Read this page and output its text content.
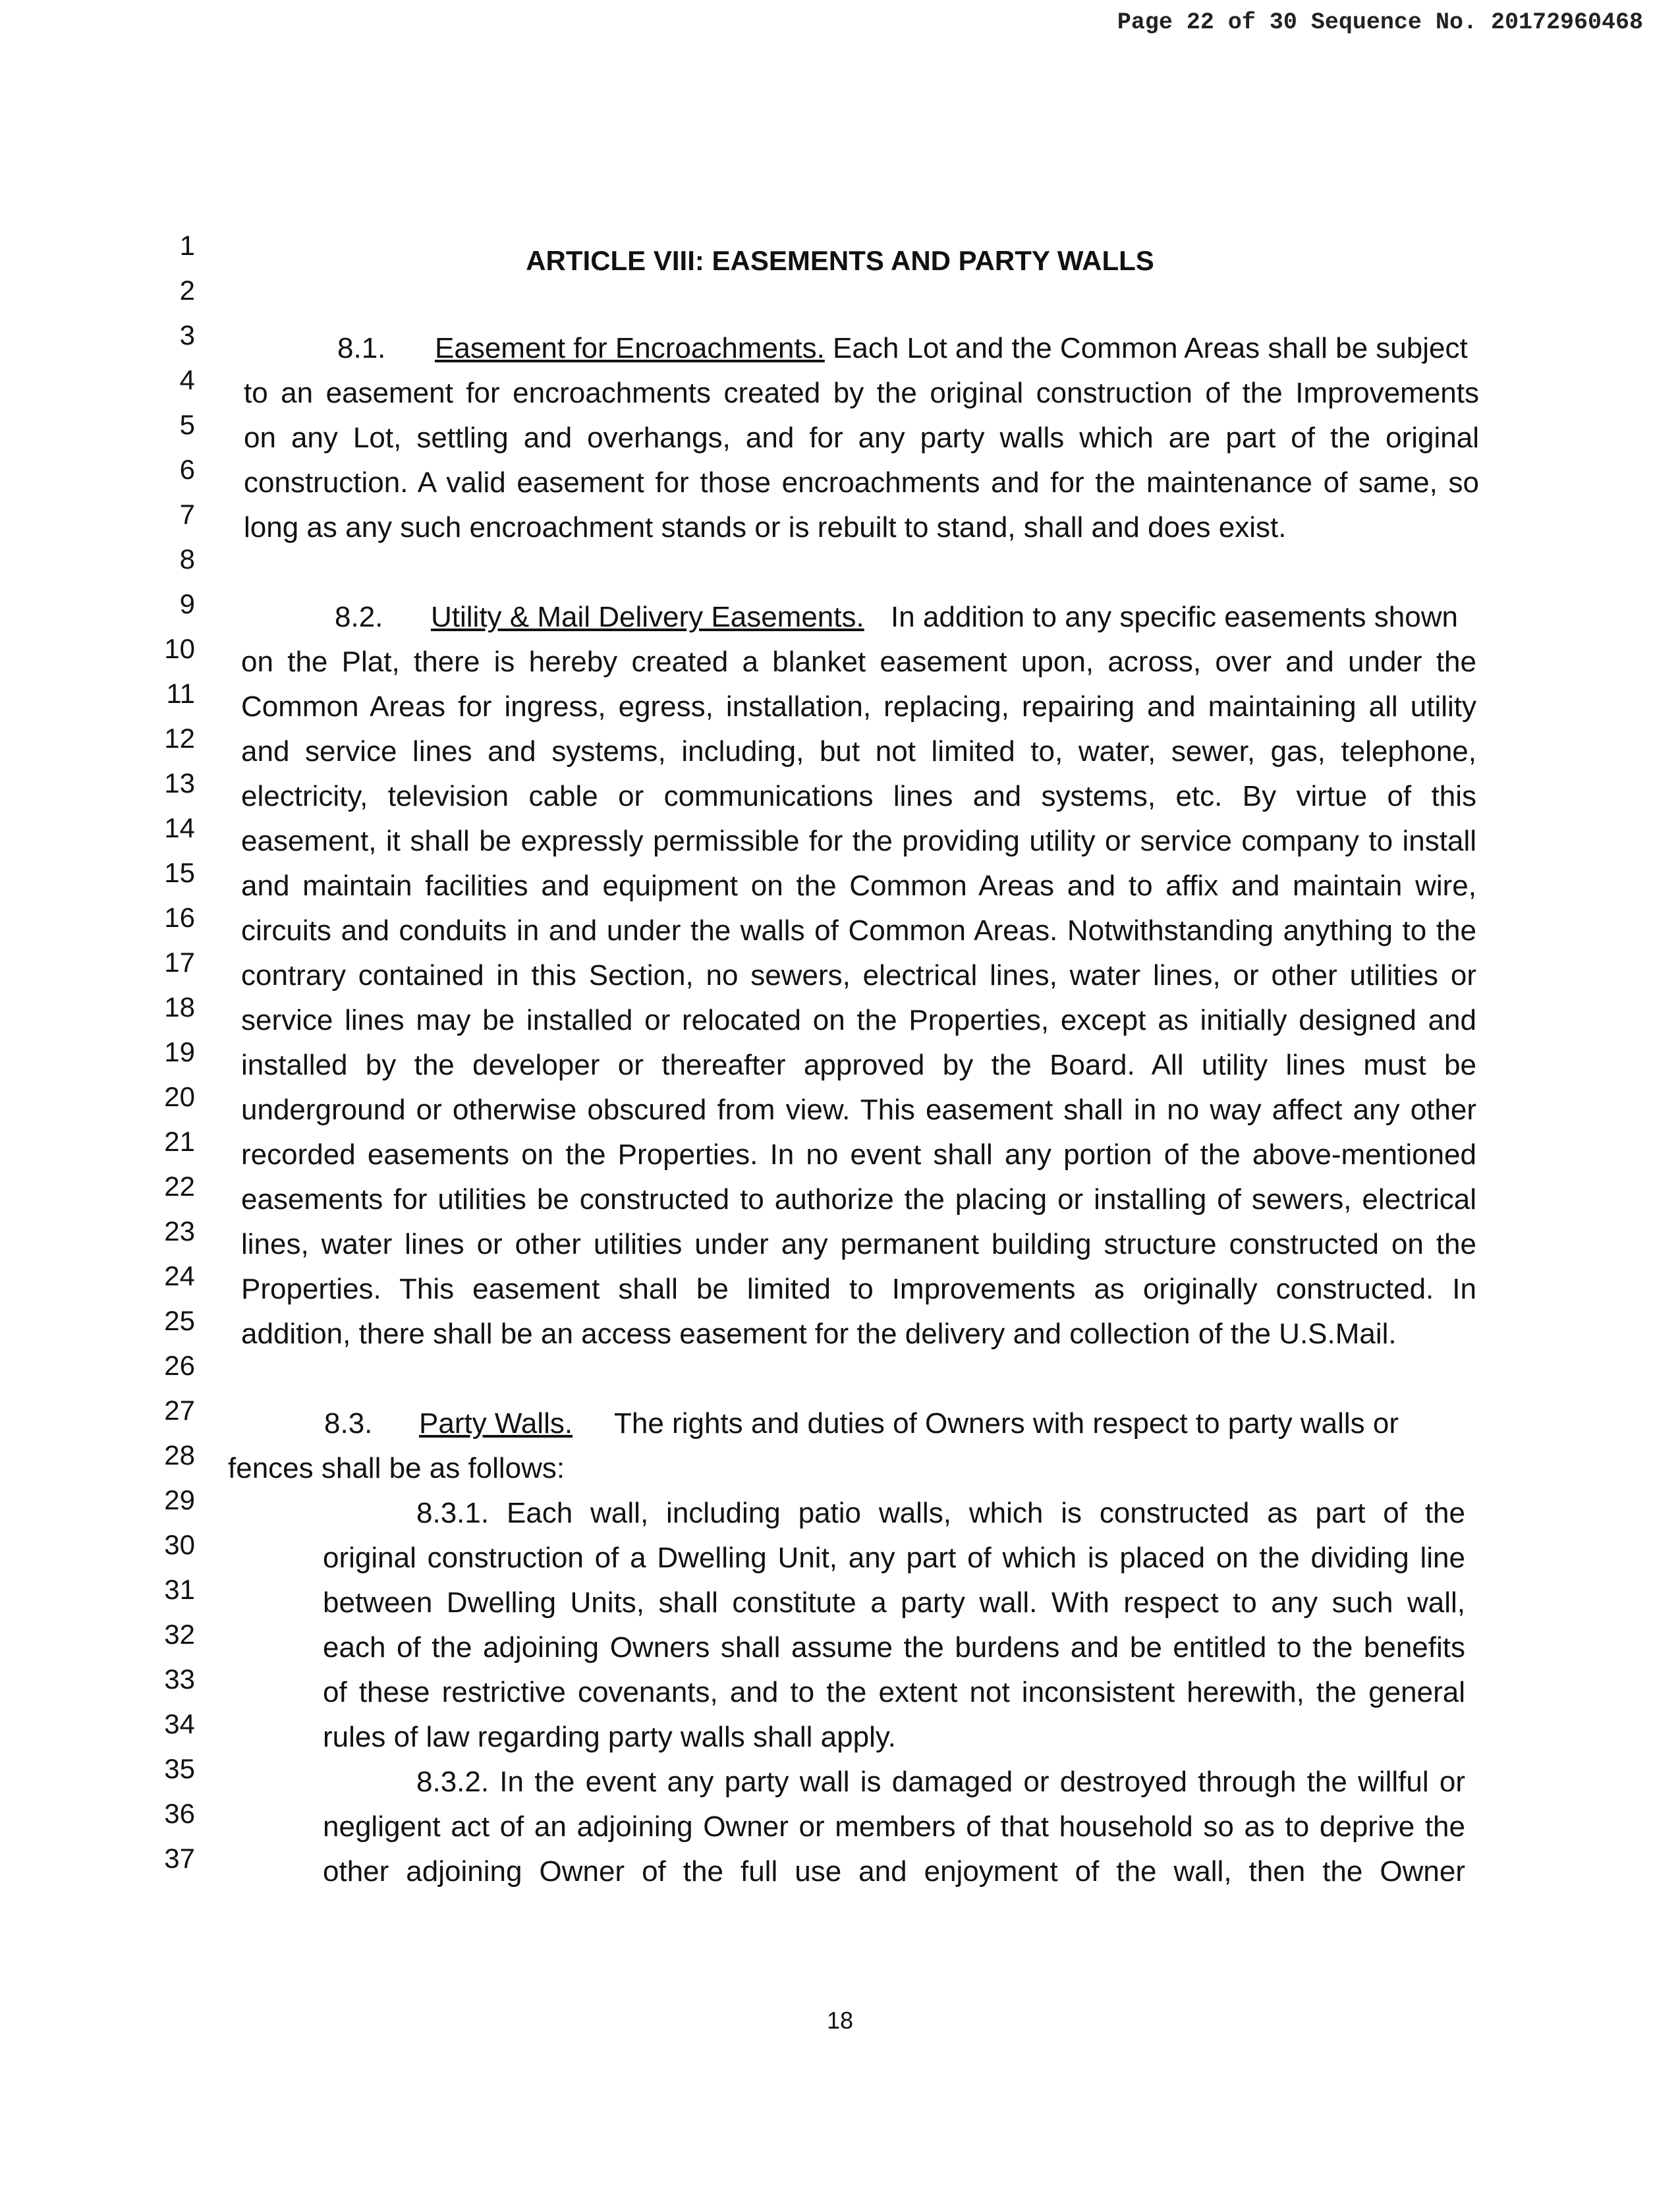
Page 22 of 30 Sequence No. 20172960468
1
2
3
4
5
6
7
8
9
10
11
12
13
14
15
16
17
18
19
20
21
22
23
24
25
26
27
28
29
30
31
32
33
34
35
36
37
ARTICLE VIII: EASEMENTS AND PARTY WALLS
8.1. Easement for Encroachments. Each Lot and the Common Areas shall be subject
to an easement for encroachments created by the original construction of the Improvements
on any Lot, settling and overhangs, and for any party walls which are part of the original
construction. A valid easement for those encroachments and for the maintenance of same, so
long as any such encroachment stands or is rebuilt to stand, shall and does exist.
8.2. Utility & Mail Delivery Easements. In addition to any specific easements shown
on the Plat, there is hereby created a blanket easement upon, across, over and under the
Common Areas for ingress, egress, installation, replacing, repairing and maintaining all utility
and service lines and systems, including, but not limited to, water, sewer, gas, telephone,
electricity, television cable or communications lines and systems, etc. By virtue of this
easement, it shall be expressly permissible for the providing utility or service company to install
and maintain facilities and equipment on the Common Areas and to affix and maintain wire,
circuits and conduits in and under the walls of Common Areas. Notwithstanding anything to the
contrary contained in this Section, no sewers, electrical lines, water lines, or other utilities or
service lines may be installed or relocated on the Properties, except as initially designed and
installed by the developer or thereafter approved by the Board. All utility lines must be
underground or otherwise obscured from view. This easement shall in no way affect any other
recorded easements on the Properties. In no event shall any portion of the above-mentioned
easements for utilities be constructed to authorize the placing or installing of sewers, electrical
lines, water lines or other utilities under any permanent building structure constructed on the
Properties. This easement shall be limited to Improvements as originally constructed. In
addition, there shall be an access easement for the delivery and collection of the U.S.Mail.
8.3. Party Walls. The rights and duties of Owners with respect to party walls or
fences shall be as follows:
8.3.1. Each wall, including patio walls, which is constructed as part of the
original construction of a Dwelling Unit, any part of which is placed on the dividing line
between Dwelling Units, shall constitute a party wall. With respect to any such wall,
each of the adjoining Owners shall assume the burdens and be entitled to the benefits
of these restrictive covenants, and to the extent not inconsistent herewith, the general
rules of law regarding party walls shall apply.
8.3.2. In the event any party wall is damaged or destroyed through the willful or
negligent act of an adjoining Owner or members of that household so as to deprive the
other adjoining Owner of the full use and enjoyment of the wall, then the Owner
18
